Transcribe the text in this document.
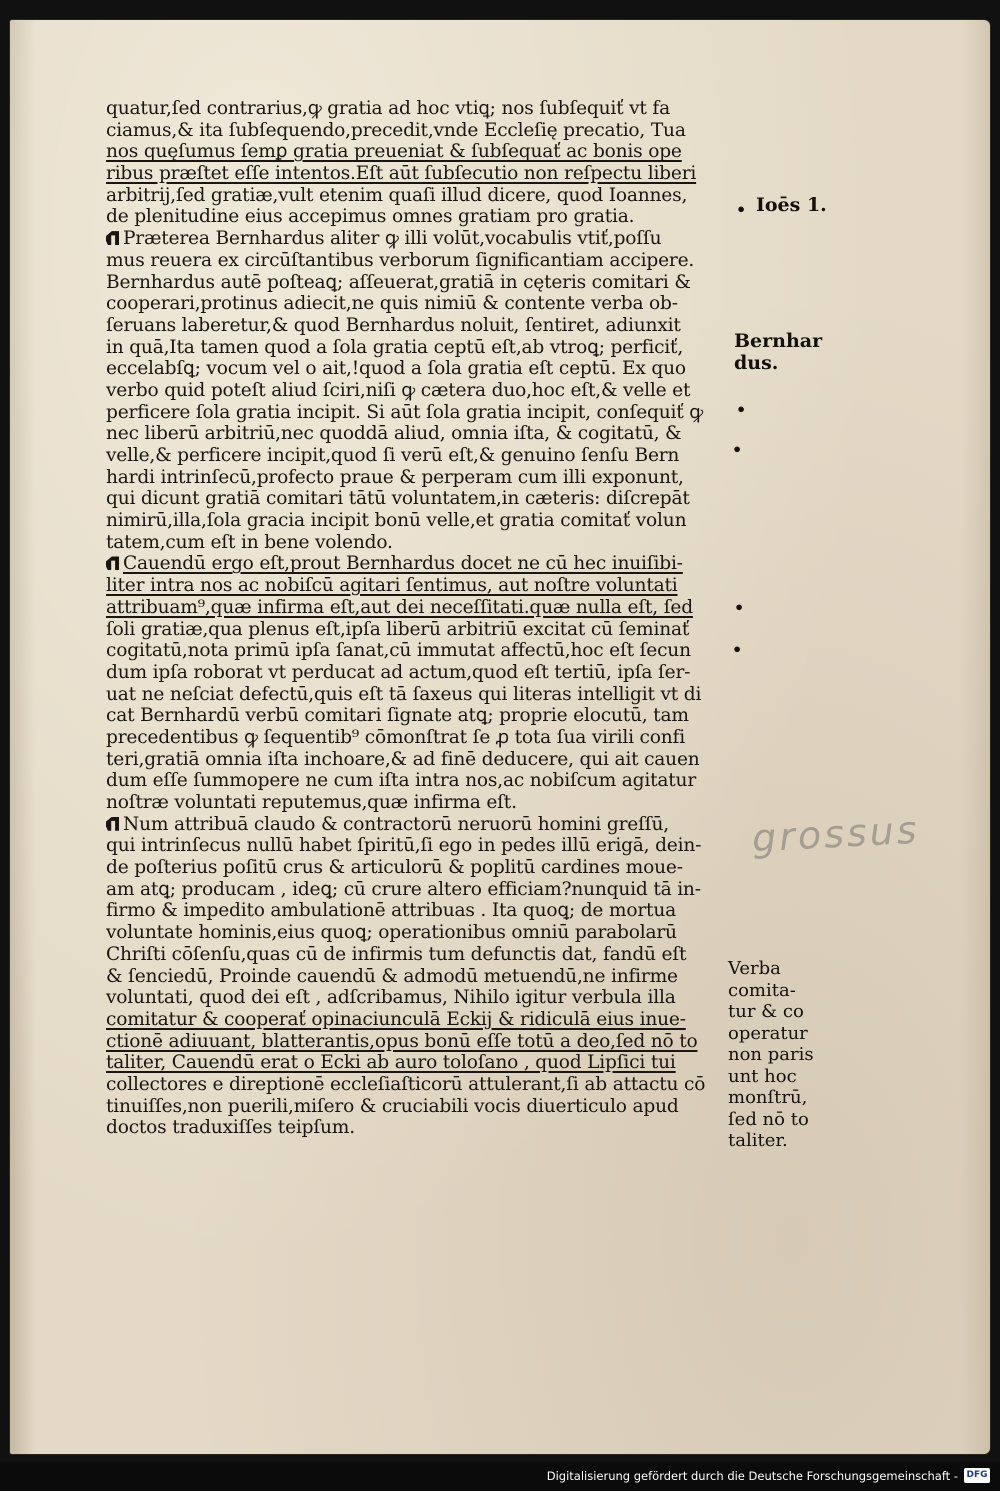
quatur,ſed contrarius,ꝙ gratia ad hoc vtiꝗ; nos ſubſequiť vt fa
ciamus,& ita ſubſequendo,precedit,vnde Eccleſię precatio, Tua
nos quęſumus ſemꝑ gratia preueniat & ſubſequať ac bonis ope
ribus præſtet eſſe intentos.Eſt aūt ſubſecutio non reſpectu liberi
arbitrij,ſed gratiæ,vult etenim quaſi illud dicere, quod Ioannes,
de plenitudine eius accepimus omnes gratiam pro gratia.
Præterea Bernhardus aliter ꝙ illi volūt,vocabulis vtiť,poſſu
mus reuera ex circūſtantibus verborum ſignificantiam accipere.
Bernhardus autē poſteaꝗ; aſſeuerat,gratiā in cęteris comitari &
cooperari,protinus adiecit,ne quis nimiū & contente verba ob-
ſeruans laberetur,& quod Bernhardus noluit, ſentiret, adiunxit
in quā,Ita tamen quod a ſola gratia ceptū eſt,ab vtroꝗ; perficiť,
eccelabſꝗ; vocum vel o ait,!quod a ſola gratia eſt ceptū. Ex quo
verbo quid poteſt aliud ſciri,niſi ꝙ cætera duo,hoc eſt,& velle et
perficere ſola gratia incipit. Si aūt ſola gratia incipit, conſequiť ꝙ
nec liberū arbitriū,nec quoddā aliud, omnia iſta, & cogitatū, &
velle,& perficere incipit,quod ſi verū eſt,& genuino ſenſu Bern
hardi intrinſecū,profecto praue & perperam cum illi exponunt,
qui dicunt gratiā comitari tātū voluntatem,in cæteris: diſcrepāt
nimirū,illa,ſola gracia incipit bonū velle,et gratia comitať volun
tatem,cum eſt in bene volendo.
Cauendū ergo eſt,prout Bernhardus docet ne cū hec inuiſibi-
liter intra nos ac nobiſcū agitari ſentimus, aut noſtre voluntati
attribuam⁹,quæ infirma eſt,aut dei neceſſitati.quæ nulla eſt, ſed
ſoli gratiæ,qua plenus eſt,ipſa liberū arbitriū excitat cū ſeminať
cogitatū,nota primū ipſa ſanat,cū immutat affectū,hoc eſt ſecun
dum ipſa roborat vt perducat ad actum,quod eſt tertiū, ipſa ſer-
uat ne neſciat defectū,quis eſt tā ſaxeus qui literas intelligit vt di
cat Bernhardū verbū comitari ſignate atꝗ; proprie elocutū, tam
precedentibus ꝙ ſequentib⁹ cōmonſtrat ſe ꝓ tota ſua virili confi
teri,gratiā omnia iſta inchoare,& ad finē deducere, qui ait cauen
dum eſſe ſummopere ne cum iſta intra nos,ac nobiſcum agitatur
noſtræ voluntati reputemus,quæ infirma eſt.
Num attribuā claudo & contractorū neruorū homini greſſū,
qui intrinſecus nullū habet ſpiritū,ſi ego in pedes illū erigā, dein-
de poſterius poſitū crus & articulorū & poplitū cardines moue-
am atꝗ; producam , ideꝗ; cū crure altero efficiam?nunquid tā in-
firmo & impedito ambulationē attribuas . Ita quoꝗ; de mortua
voluntate hominis,eius quoꝗ; operationibus omniū parabolarū
Chriſti cōſenſu,quas cū de infirmis tum defunctis dat, fandū eſt
& ſenciedū, Proinde cauendū & admodū metuendū,ne infirme
voluntati, quod dei eſt , adſcribamus, Nihilo igitur verbula illa
comitatur & cooperať opinaciunculā Eckij & ridiculā eius inue-
ctionē adiuuant, blatterantis,opus bonū eſſe totū a deo,ſed nō to
taliter, Cauendū erat o Ecki ab auro toloſano , quod Lipſici tui
collectores e direptionē eccleſiaſticorū attulerant,ſi ab attactu cō
tinuiſſes,non puerili,miſero & cruciabili vocis diuerticulo apud
doctos traduxiſſes teipſum.
• Ioēs 1.
Bernhar
dus.
•
•
•
•
Verba
comita-
tur & co
operatur
non paris
unt hoc
monſtrū,
ſed nō to
taliter.
grossus
Digitalisierung gefördert durch die Deutsche Forschungsgemeinschaft - DFG
